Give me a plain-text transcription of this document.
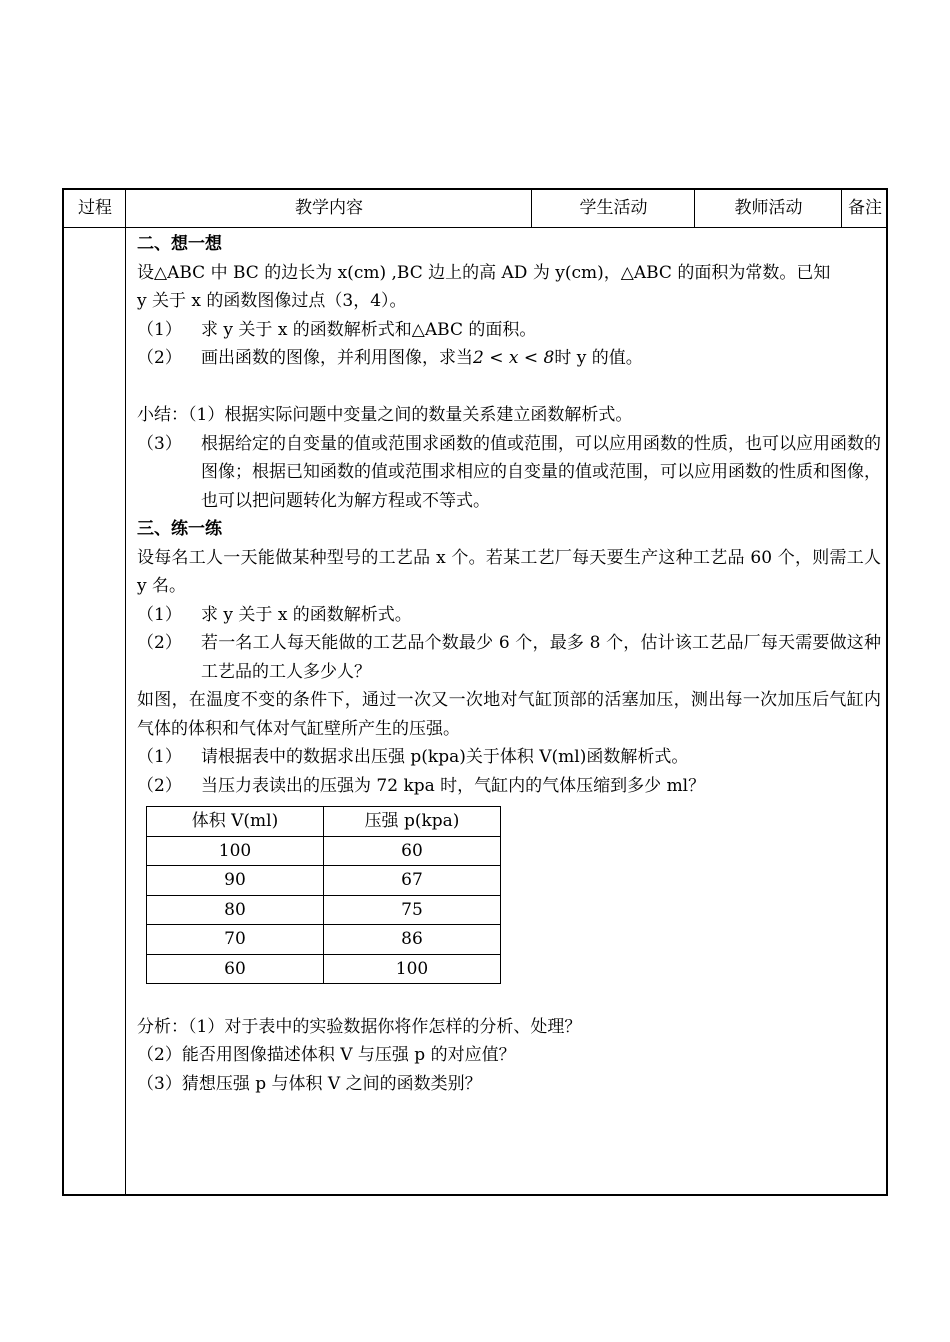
过程	教学内容	学生活动	教师活动	备注

二、想一想

设△ABC 中 BC 的边长为 x(cm) ,BC 边上的高 AD 为 y(cm)，△ABC 的面积为常数。已知

y 关于 x 的函数图像过点（3，4）。

（1） 求 y 关于 x 的函数解析式和△ABC 的面积。

（2） 画出函数的图像，并利用图像，求当2 < x < 8时 y 的值。

小结：（1）根据实际问题中变量之间的数量关系建立函数解析式。

（3） 根据给定的自变量的值或范围求函数的值或范围，可以应用函数的性质，也可以应用函数的图像；根据已知函数的值或范围求相应的自变量的值或范围，可以应用函数的性质和图像，也可以把问题转化为解方程或不等式。

三、练一练

设每名工人一天能做某种型号的工艺品 x 个。若某工艺厂每天要生产这种工艺品 60 个，则需工人 y 名。

（1） 求 y 关于 x 的函数解析式。

（2） 若一名工人每天能做的工艺品个数最少 6 个，最多 8 个，估计该工艺品厂每天需要做这种工艺品的工人多少人？

如图，在温度不变的条件下，通过一次又一次地对气缸顶部的活塞加压，测出每一次加压后气缸内气体的体积和气体对气缸壁所产生的压强。

（1） 请根据表中的数据求出压强 p(kpa)关于体积 V(ml)函数解析式。

（2） 当压力表读出的压强为 72 kpa 时，气缸内的气体压缩到多少 ml？

体积 V(ml)	压强 p(kpa)
100	60
90	67
80	75
70	86
60	100

分析：（1）对于表中的实验数据你将作怎样的分析、处理？

（2）能否用图像描述体积 V 与压强 p 的对应值？

（3）猜想压强 p 与体积 V 之间的函数类别？
